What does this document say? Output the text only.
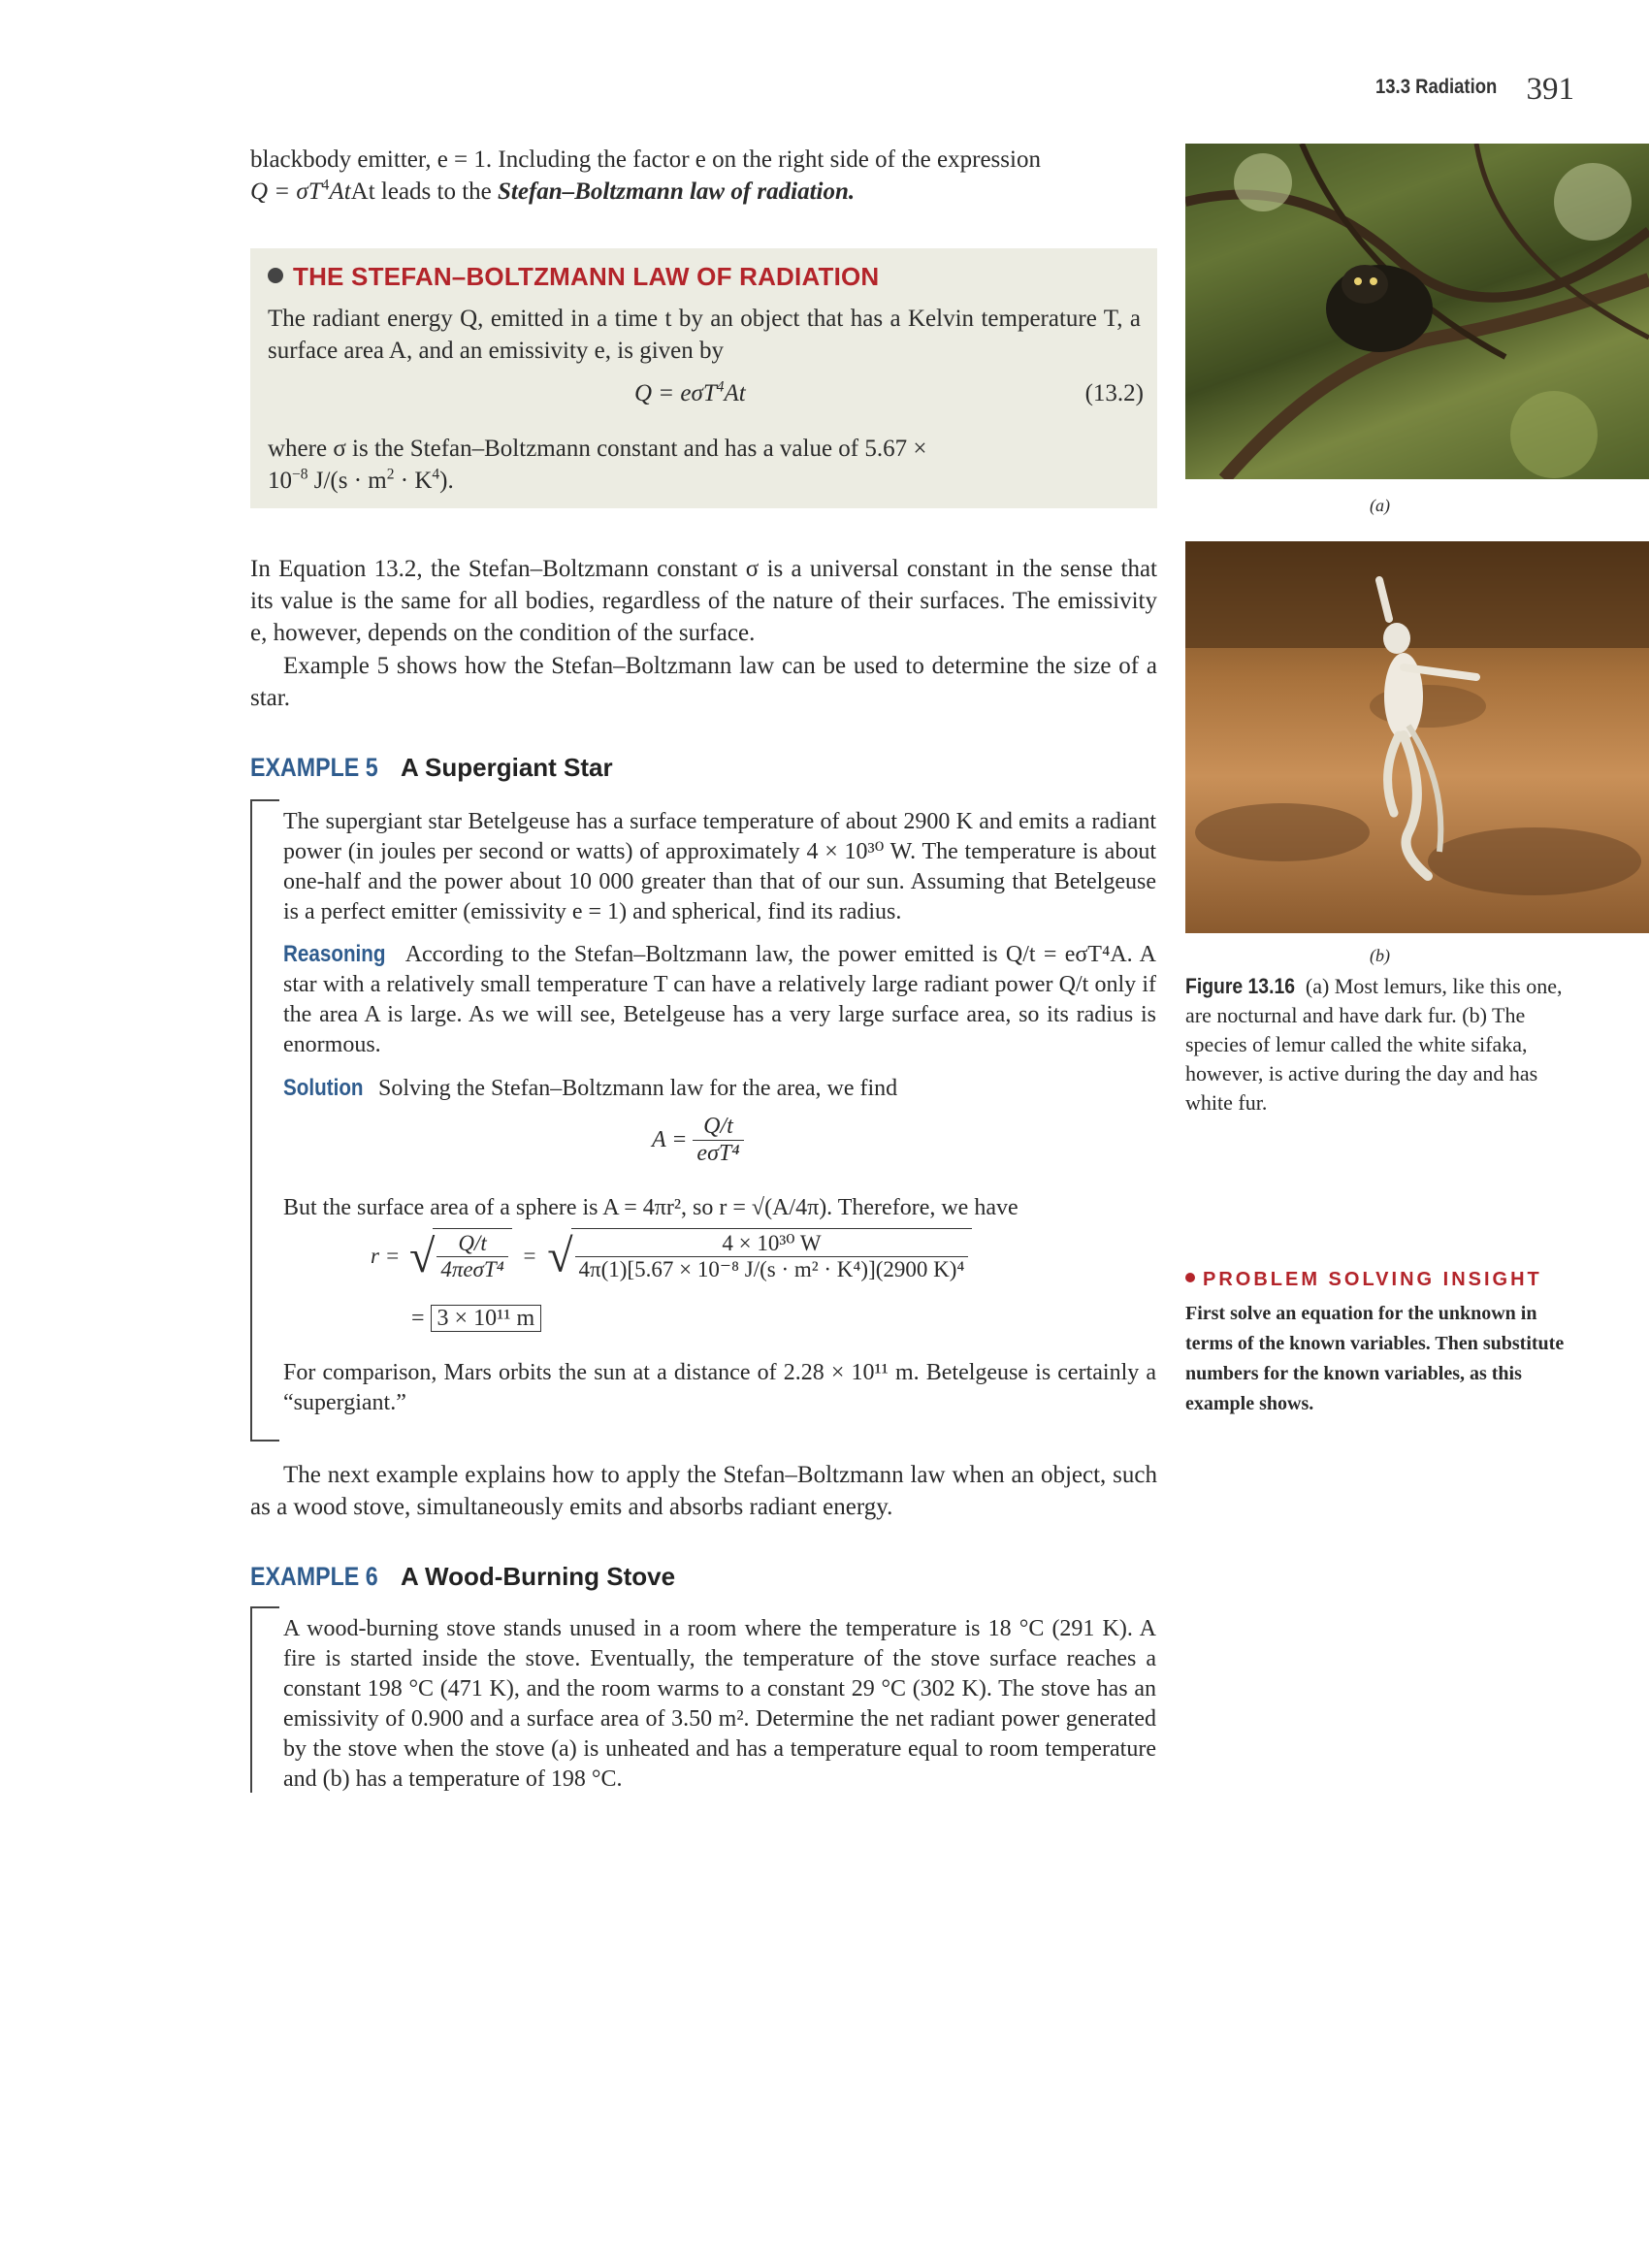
13.3 Radiation 391
blackbody emitter, e = 1. Including the factor e on the right side of the expression
$Q = \sigma T^4AtAt$ leads to the Stefan–Boltzmann law of radiation.
THE STEFAN–BOLTZMANN LAW OF RADIATION
The radiant energy Q, emitted in a time t by an object that has a Kelvin temperature T, a surface area A, and an emissivity e, is given by
Q = eσT$^4$At	(13.2)
where σ is the Stefan–Boltzmann constant and has a value of 5.67 ×
$10^{-8}$ $J/(s \cdot m^2 \cdot K^4)$.
In Equation 13.2, the Stefan–Boltzmann constant σ is a universal constant in the sense that its value is the same for all bodies, regardless of the nature of their surfaces. The emissivity e, however, depends on the condition of the surface.
Example 5 shows how the Stefan–Boltzmann law can be used to determine the size of a star.
EXAMPLE 5 A Supergiant Star
The supergiant star Betelgeuse has a surface temperature of about 2900 K and emits a radiant power (in joules per second or watts) of approximately 4 × 10³⁰ W. The temperature is about one-half and the power about 10 000 greater than that of our sun. Assuming that Betelgeuse is a perfect emitter (emissivity e = 1) and spherical, find its radius.
Reasoning According to the Stefan–Boltzmann law, the power emitted is Q/t = eσT⁴A. A star with a relatively small temperature T can have a relatively large radiant power Q/t only if the area A is large. As we will see, Betelgeuse has a very large surface area, so its radius is enormous.
Solution Solving the Stefan–Boltzmann law for the area, we find
$A = \frac{Q/t}{\text{eσT⁴}}$
But the surface area of a sphere is A = 4πr², so r = √(A/4π). Therefore, we have
r = √
$\frac{Q/t}{\text{4πeσT⁴}}$ = √
$\frac{\text{4 × 10³⁰ W}}{\text{4π(1)[5.67 × 10⁻⁸ J/(s · m² · K⁴)](2900 K)⁴}}$
= 3 × 10¹¹ m
For comparison, Mars orbits the sun at a distance of 2.28 × 10¹¹ m. Betelgeuse is certainly a “supergiant.”
The next example explains how to apply the Stefan–Boltzmann law when an object, such as a wood stove, simultaneously emits and absorbs radiant energy.
EXAMPLE 6 A Wood-Burning Stove
A wood-burning stove stands unused in a room where the temperature is 18 °C (291 K). A fire is started inside the stove. Eventually, the temperature of the stove surface reaches a constant 198 °C (471 K), and the room warms to a constant 29 °C (302 K). The stove has an emissivity of 0.900 and a surface area of 3.50 m². Determine the net radiant power generated by the stove when the stove (a) is unheated and has a temperature equal to room temperature and (b) has a temperature of 198 °C.
(a)
(b)
Figure 13.16 (a) Most lemurs, like this one, are nocturnal and have dark fur. (b) The species of lemur called the white sifaka, however, is active during the day and has white fur.
PROBLEM SOLVING INSIGHT
First solve an equation for the unknown in terms of the known variables. Then substitute numbers for the known variables, as this example shows.
